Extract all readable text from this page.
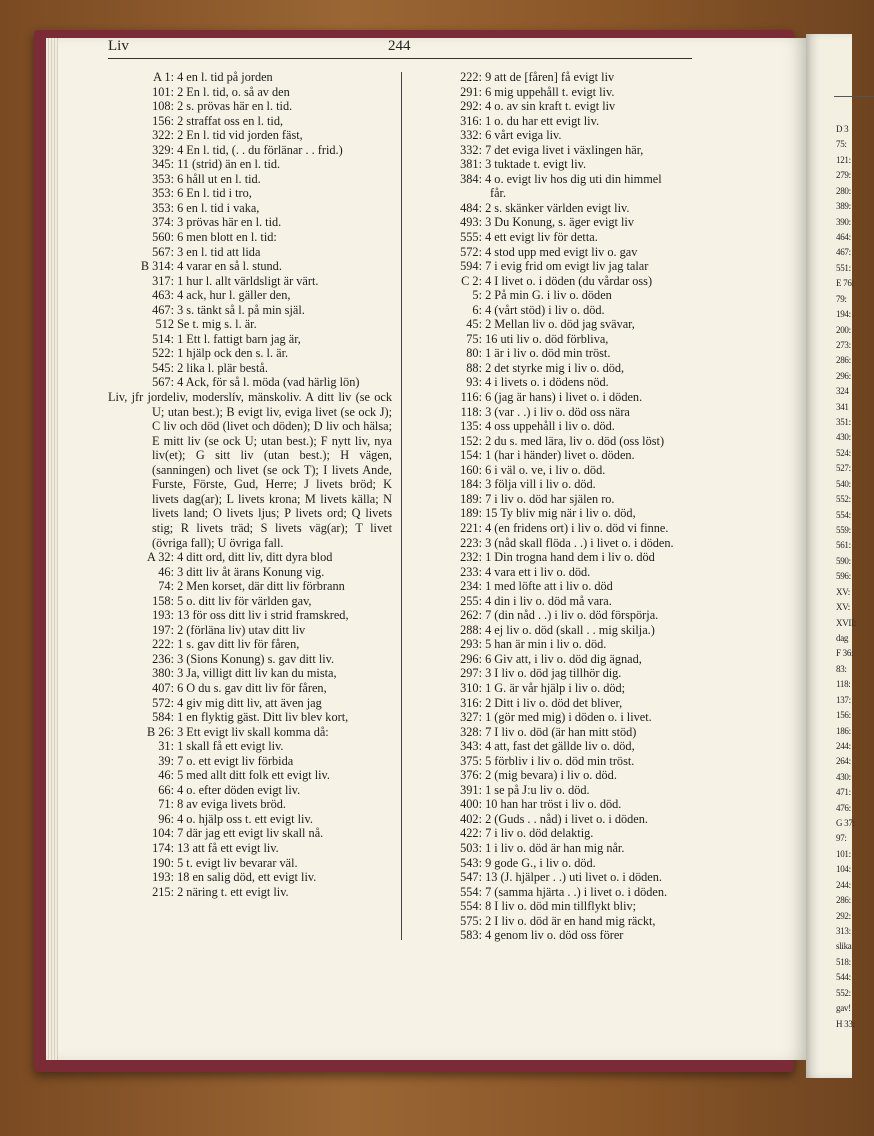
D 3
75:
121:
279:
280:
389:
390:
464:
467:
551:
E 76:
79:
194:
200:
273:
286:
296:
324
341
351:
430:
524:
527:
540:
552:
554:
559:
561:
590:
596:
XV:
XV:
XVII:
dag
F 36:
83:
118:
137:
156:
186:
244:
264:
430:
471:
476:
G 37:
97:
101:
104:
244:
286:
292:
313:
slika
518:
544:
552:
gav!
H 33:
Liv	244
A 1: 4 en l. tid på jorden
101: 2 En l. tid, o. så av den
108: 2 s. prövas här en l. tid.
156: 2 straffat oss en l. tid,
322: 2 En l. tid vid jorden fäst,
329: 4 En l. tid, (. . du förlänar . . frid.)
345: 11 (strid) än en l. tid.
353: 6 håll ut en l. tid.
353: 6 En l. tid i tro,
353: 6 en l. tid i vaka,
374: 3 prövas här en l. tid.
560: 6 men blott en l. tid:
567: 3 en l. tid att lida
B 314: 4 varar en så l. stund.
317: 1 hur l. allt världsligt är värt.
463: 4 ack, hur l. gäller den,
467: 3 s. tänkt så l. på min själ.
512 Se t. mig s. l. är.
514: 1 Ett l. fattigt barn jag är,
522: 1 hjälp ock den s. l. är.
545: 2 lika l. plär bestå.
567: 4 Ack, för så l. möda (vad härlig lön)
Liv, jfr jordeliv, moderslív, mänskoliv. A ditt liv (se ock U; utan best.); B evigt liv, eviga livet (se ock J); C liv och död (livet och döden); D liv och hälsa; E mitt liv (se ock U; utan best.); F nytt liv, nya liv(et); G sitt liv (utan best.); H vägen, (sanningen) och livet (se ock T); I livets Ande, Furste, Förste, Gud, Herre; J livets bröd; K livets dag(ar); L livets krona; M livets källa; N livets land; O livets ljus; P livets ord; Q livets stig; R livets träd; S livets väg(ar); T livet (övriga fall); U övriga fall.
A 32: 4 ditt ord, ditt liv, ditt dyra blod
46: 3 ditt liv åt ärans Konung vig.
74: 2 Men korset, där ditt liv förbrann
158: 5 o. ditt liv för världen gav,
193: 13 för oss ditt liv i strid framskred,
197: 2 (förläna liv) utav ditt liv
222: 1 s. gav ditt liv för fåren,
236: 3 (Sions Konung) s. gav ditt liv.
380: 3 Ja, villigt ditt liv kan du mista,
407: 6 O du s. gav ditt liv för fåren,
572: 4 giv mig ditt liv, att även jag
584: 1 en flyktig gäst. Ditt liv blev kort,
B 26: 3 Ett evigt liv skall komma då:
31: 1 skall få ett evigt liv.
39: 7 o. ett evigt liv förbida
46: 5 med allt ditt folk ett evigt liv.
66: 4 o. efter döden evigt liv.
71: 8 av eviga livets bröd.
96: 4 o. hjälp oss t. ett evigt liv.
104: 7 där jag ett evigt liv skall nå.
174: 13 att få ett evigt liv.
190: 5 t. evigt liv bevarar väl.
193: 18 en salig död, ett evigt liv.
215: 2 näring t. ett evigt liv.
222: 9 att de [fåren] få evigt liv
291: 6 mig uppehåll t. evigt liv.
292: 4 o. av sin kraft t. evigt liv
316: 1 o. du har ett evigt liv.
332: 6 vårt eviga liv.
332: 7 det eviga livet i växlingen här,
381: 3 tuktade t. evigt liv.
384: 4 o. evigt liv hos dig uti din himmel
får.
484: 2 s. skänker världen evigt liv.
493: 3 Du Konung, s. äger evigt liv
555: 4 ett evigt liv för detta.
572: 4 stod upp med evigt liv o. gav
594: 7 i evig frid om evigt liv jag talar
C 2: 4 I livet o. i döden (du vårdar oss)
5: 2 På min G. i liv o. döden
6: 4 (vårt stöd) i liv o. död.
45: 2 Mellan liv o. död jag svävar,
75: 16 uti liv o. död förbliva,
80: 1 är i liv o. död min tröst.
88: 2 det styrke mig i liv o. död,
93: 4 i livets o. i dödens nöd.
116: 6 (jag är hans) i livet o. i döden.
118: 3 (var . .) i liv o. död oss nära
135: 4 oss uppehåll i liv o. död.
152: 2 du s. med lära, liv o. död (oss löst)
154: 1 (har i händer) livet o. döden.
160: 6 i väl o. ve, i liv o. död.
184: 3 följa vill i liv o. död.
189: 7 i liv o. död har själen ro.
189: 15 Ty bliv mig när i liv o. död,
221: 4 (en fridens ort) i liv o. död vi finne.
223: 3 (nåd skall flöda . .) i livet o. i döden.
232: 1 Din trogna hand dem i liv o. död
233: 4 vara ett i liv o. död.
234: 1 med löfte att i liv o. död
255: 4 din i liv o. död må vara.
262: 7 (din nåd . .) i liv o. död förspörja.
288: 4 ej liv o. död (skall . . mig skilja.)
293: 5 han är min i liv o. död.
296: 6 Giv att, i liv o. död dig ägnad,
297: 3 I liv o. död jag tillhör dig.
310: 1 G. är vår hjälp i liv o. död;
316: 2 Ditt i liv o. död det bliver,
327: 1 (gör med mig) i döden o. i livet.
328: 7 I liv o. död (är han mitt stöd)
343: 4 att, fast det gällde liv o. död,
375: 5 förbliv i liv o. död min tröst.
376: 2 (mig bevara) i liv o. död.
391: 1 se på J:u liv o. död.
400: 10 han har tröst i liv o. död.
402: 2 (Guds . . nåd) i livet o. i döden.
422: 7 i liv o. död delaktig.
503: 1 i liv o. död är han mig når.
543: 9 gode G., i liv o. död.
547: 13 (J. hjälper . .) uti livet o. i döden.
554: 7 (samma hjärta . .) i livet o. i döden.
554: 8 I liv o. död min tillflykt bliv;
575: 2 I liv o. död är en hand mig räckt,
583: 4 genom liv o. död oss förer
